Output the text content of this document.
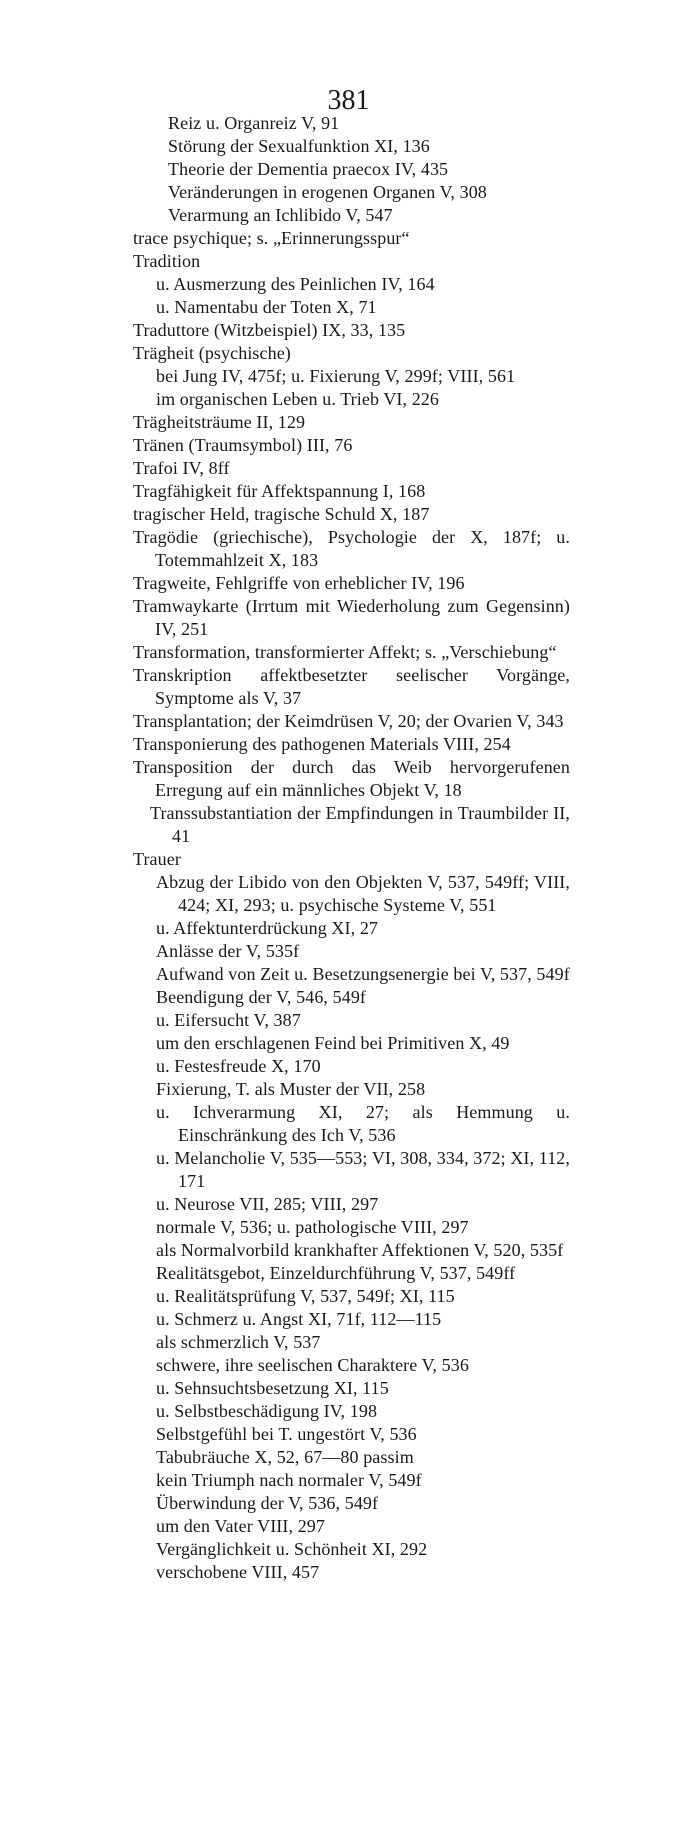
381
Reiz u. Organreiz V, 91
Störung der Sexualfunktion XI, 136
Theorie der Dementia praecox IV, 435
Veränderungen in erogenen Organen V, 308
Verarmung an Ichlibido V, 547
trace psychique; s. „Erinnerungsspur“
Tradition
u. Ausmerzung des Peinlichen IV, 164
u. Namentabu der Toten X, 71
Traduttore (Witzbeispiel) IX, 33, 135
Trägheit (psychische)
bei Jung IV, 475f; u. Fixierung V, 299f; VIII, 561
im organischen Leben u. Trieb VI, 226
Trägheitsträume II, 129
Tränen (Traumsymbol) III, 76
Trafoi IV, 8ff
Tragfähigkeit für Affektspannung I, 168
tragischer Held, tragische Schuld X, 187
Tragödie (griechische), Psychologie der X, 187f; u. Totemmahlzeit X, 183
Tragweite, Fehlgriffe von erheblicher IV, 196
Tramwaykarte (Irrtum mit Wiederholung zum Gegensinn) IV, 251
Transformation, transformierter Affekt; s. „Verschiebung“
Transkription affektbesetzter seelischer Vorgänge, Symptome als V, 37
Transplantation; der Keimdrüsen V, 20; der Ovarien V, 343
Transponierung des pathogenen Materials VIII, 254
Transposition der durch das Weib hervorgerufenen Erregung auf ein männliches Objekt V, 18
Transsubstantiation der Empfindungen in Traumbilder II, 41
Trauer
Abzug der Libido von den Objekten V, 537, 549ff; VIII, 424; XI, 293; u. psychische Systeme V, 551
u. Affektunterdrückung XI, 27
Anlässe der V, 535f
Aufwand von Zeit u. Besetzungsenergie bei V, 537, 549f
Beendigung der V, 546, 549f
u. Eifersucht V, 387
um den erschlagenen Feind bei Primitiven X, 49
u. Festesfreude X, 170
Fixierung, T. als Muster der VII, 258
u. Ichverarmung XI, 27; als Hemmung u. Einschränkung des Ich V, 536
u. Melancholie V, 535—553; VI, 308, 334, 372; XI, 112, 171
u. Neurose VII, 285; VIII, 297
normale V, 536; u. pathologische VIII, 297
als Normalvorbild krankhafter Affektionen V, 520, 535f
Realitätsgebot, Einzeldurchführung V, 537, 549ff
u. Realitätsprüfung V, 537, 549f; XI, 115
u. Schmerz u. Angst XI, 71f, 112—115
als schmerzlich V, 537
schwere, ihre seelischen Charaktere V, 536
u. Sehnsuchtsbesetzung XI, 115
u. Selbstbeschädigung IV, 198
Selbstgefühl bei T. ungestört V, 536
Tabubräuche X, 52, 67—80 passim
kein Triumph nach normaler V, 549f
Überwindung der V, 536, 549f
um den Vater VIII, 297
Vergänglichkeit u. Schönheit XI, 292
verschobene VIII, 457
